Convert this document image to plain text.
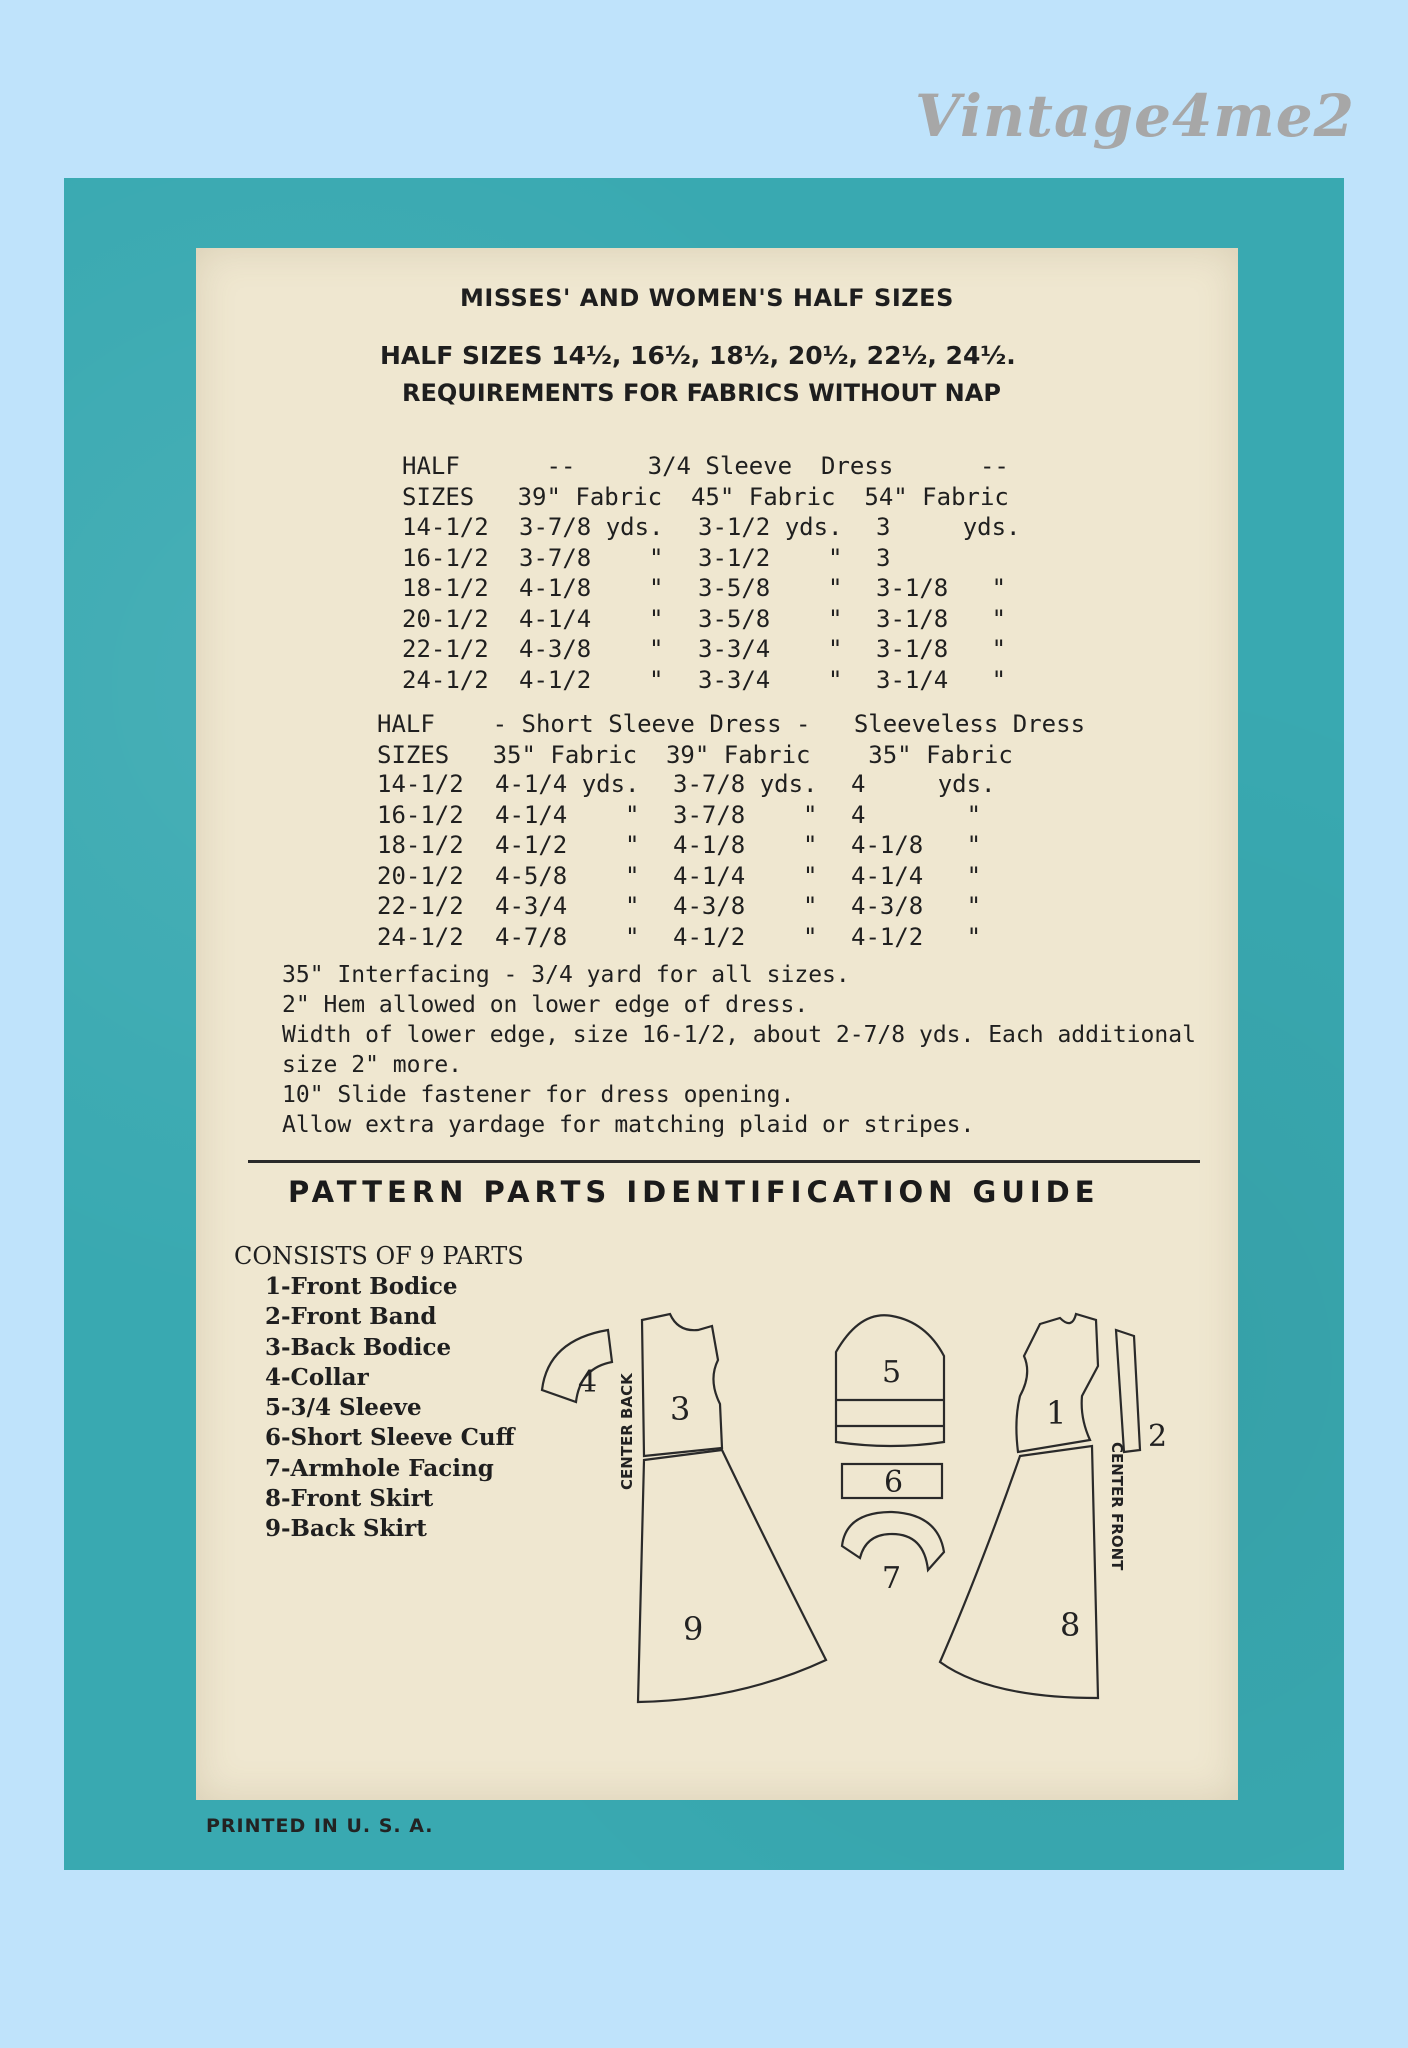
Vintage4me2
MISSES' AND WOMEN'S HALF SIZES
HALF SIZES 14½, 16½, 18½, 20½, 22½, 24½.
REQUIREMENTS FOR FABRICS WITHOUT NAP
HALF      --     3/4 Sleeve  Dress      --
SIZES   39" Fabric  45" Fabric  54" Fabric
14-1/2 3-7/8 yds. 3-1/2 yds. 3     yds.
16-1/2 3-7/8    " 3-1/2    " 3
18-1/2 4-1/8    " 3-5/8    " 3-1/8   "
20-1/2 4-1/4    " 3-5/8    " 3-1/8   "
22-1/2 4-3/8    " 3-3/4    " 3-1/8   "
24-1/2 4-1/2    " 3-3/4    " 3-1/4   "
HALF    - Short Sleeve Dress -   Sleeveless Dress
SIZES   35" Fabric  39" Fabric    35" Fabric
14-1/2 4-1/4 yds. 3-7/8 yds. 4     yds.
16-1/2 4-1/4    " 3-7/8    " 4       "
18-1/2 4-1/2    " 4-1/8    " 4-1/8   "
20-1/2 4-5/8    " 4-1/4    " 4-1/4   "
22-1/2 4-3/4    " 4-3/8    " 4-3/8   "
24-1/2 4-7/8    " 4-1/2    " 4-1/2   "
35" Interfacing - 3/4 yard for all sizes.
2" Hem allowed on lower edge of dress.
Width of lower edge, size 16-1/2, about 2-7/8 yds. Each additional
size 2" more.
10" Slide fastener for dress opening.
Allow extra yardage for matching plaid or stripes.
PATTERN PARTS IDENTIFICATION GUIDE
CONSISTS OF 9 PARTS
1-Front Bodice
2-Front Band
3-Back Bodice
4-Collar
5-3/4 Sleeve
6-Short Sleeve Cuff
7-Armhole Facing
8-Front Skirt
9-Back Skirt
4
3
CENTER BACK
9
5
6
7
1
CENTER FRONT
2
8
PRINTED IN U. S. A.
